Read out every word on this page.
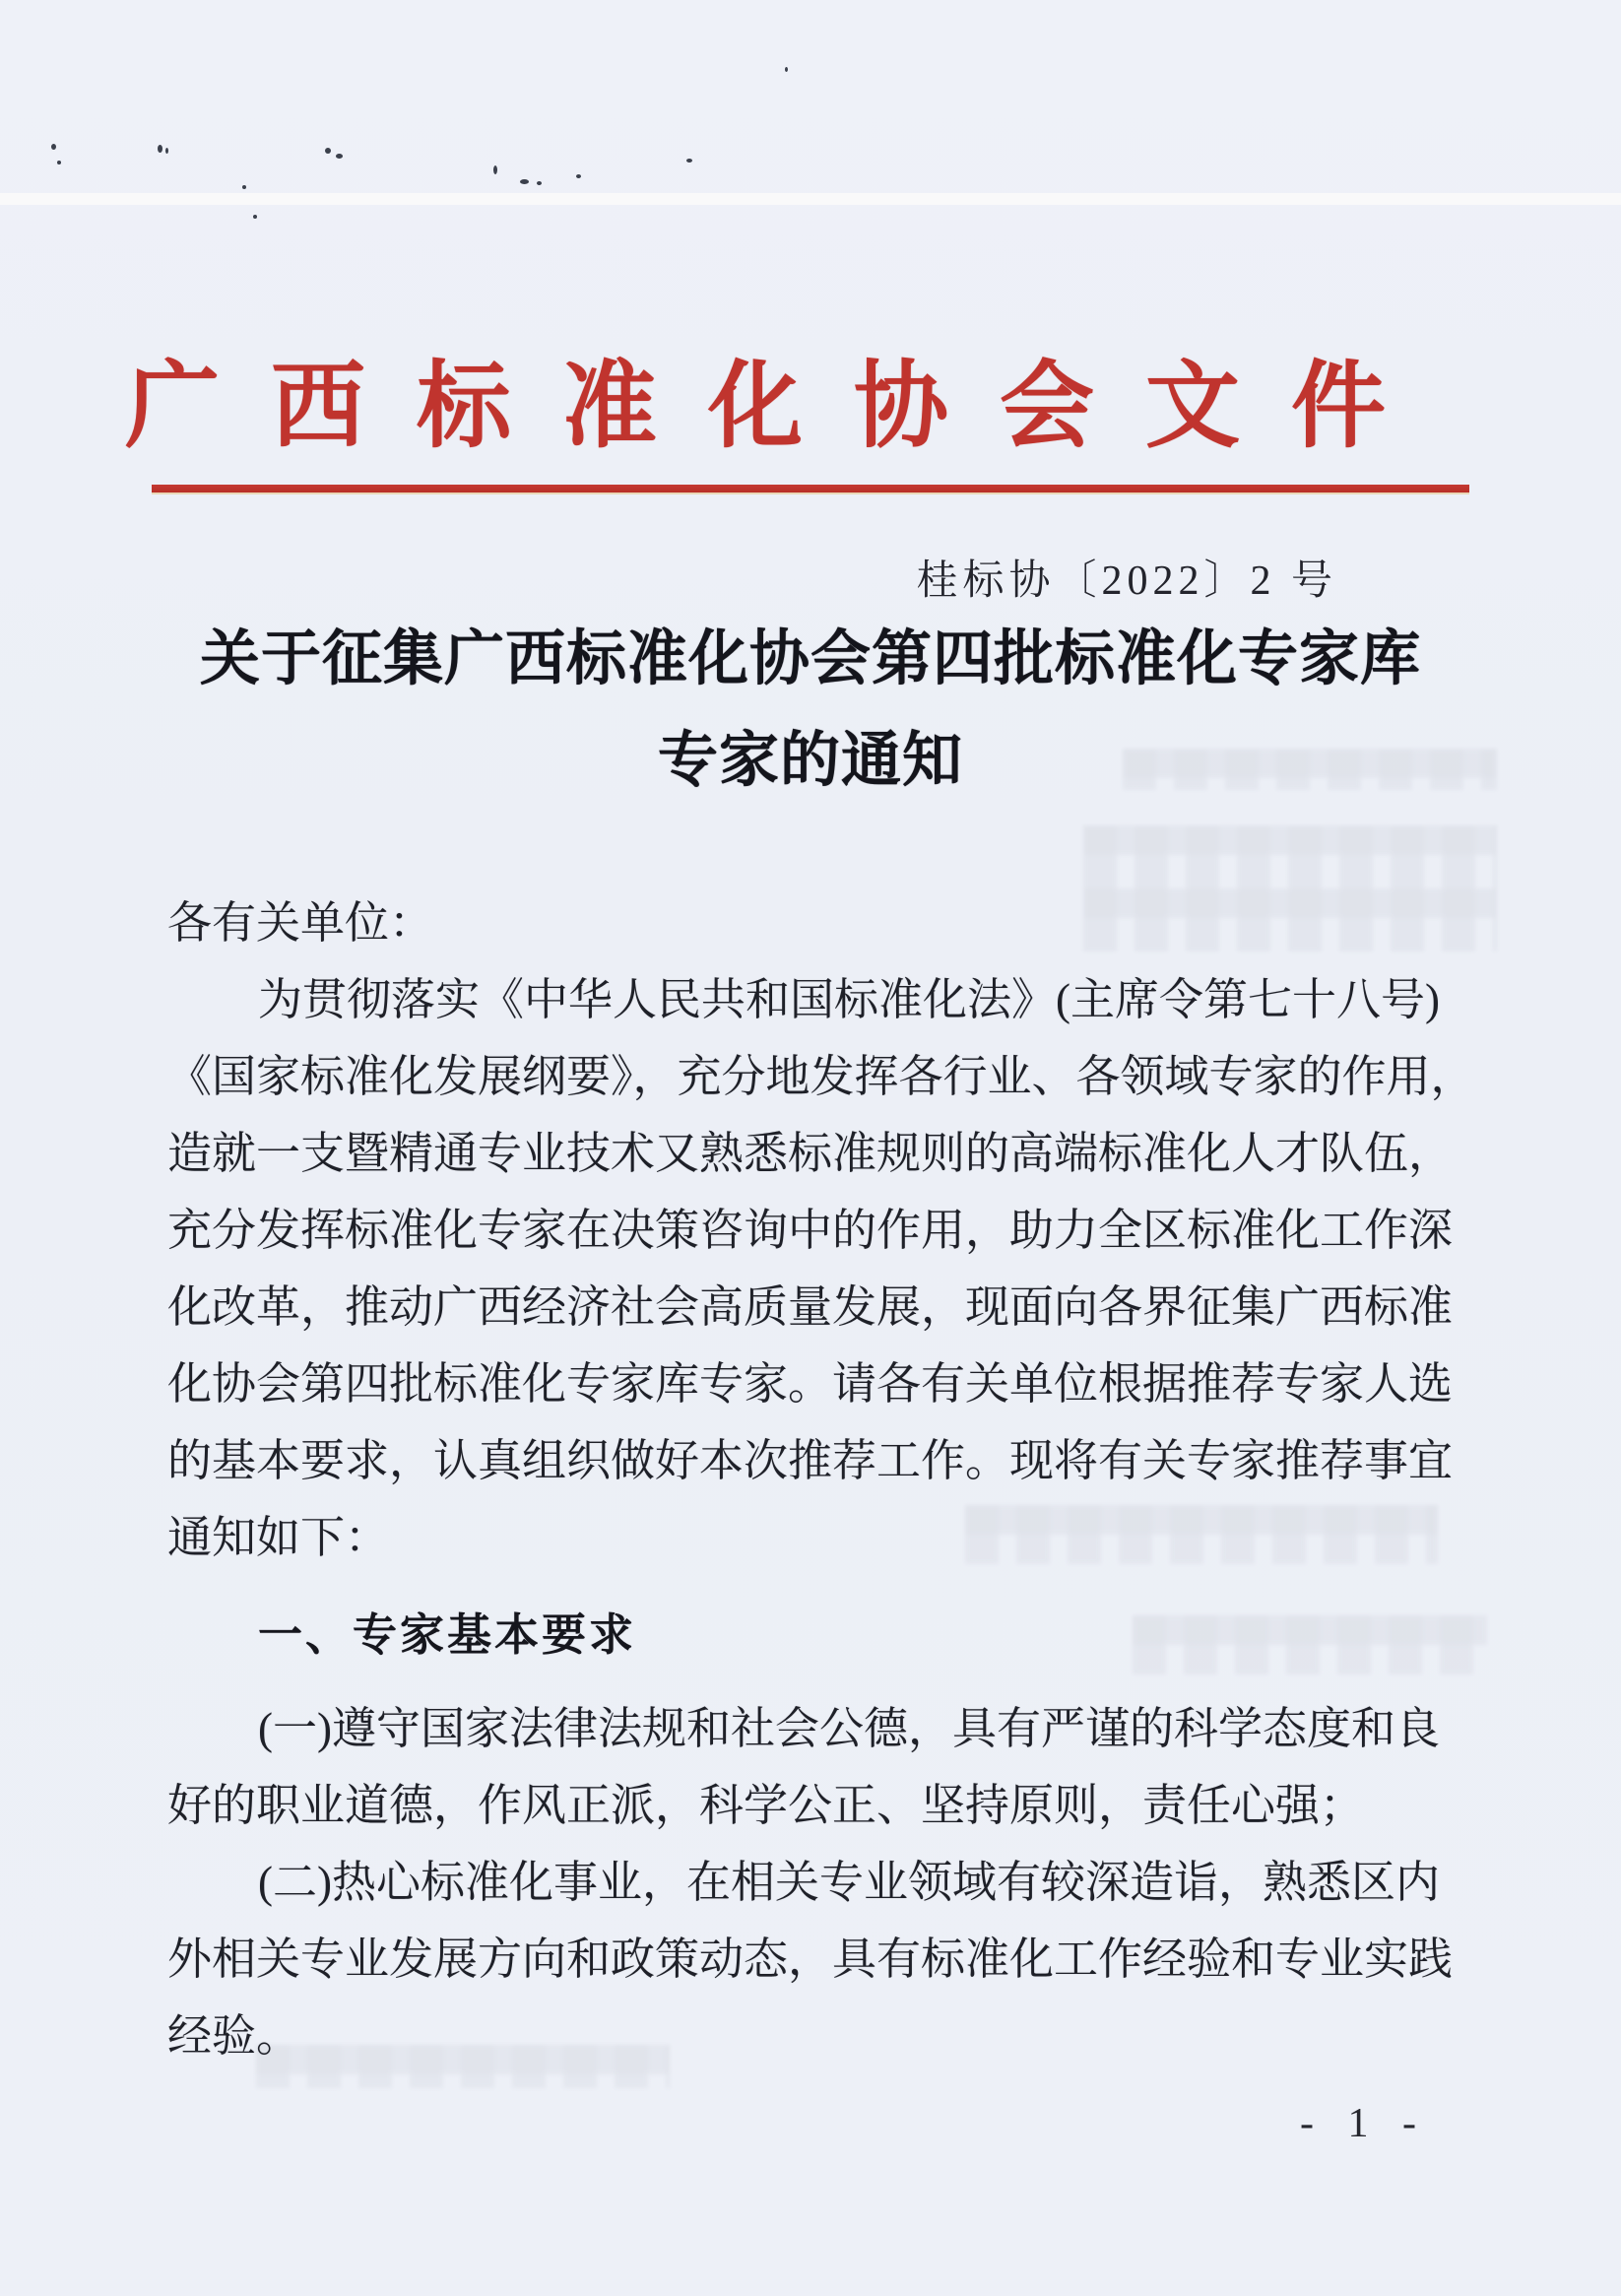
广西标准化协会文件
桂标协〔2022〕2 号
关于征集广西标准化协会第四批标准化专家库
专家的通知
各有关单位：
为贯彻落实《中华人民共和国标准化法》(主席令第七十八号)
《国家标准化发展纲要》，充分地发挥各行业、各领域专家的作用，
造就一支暨精通专业技术又熟悉标准规则的高端标准化人才队伍，
充分发挥标准化专家在决策咨询中的作用，助力全区标准化工作深
化改革，推动广西经济社会高质量发展，现面向各界征集广西标准
化协会第四批标准化专家库专家。请各有关单位根据推荐专家人选
的基本要求，认真组织做好本次推荐工作。现将有关专家推荐事宜
通知如下：
一、专家基本要求
(一)遵守国家法律法规和社会公德，具有严谨的科学态度和良
好的职业道德，作风正派，科学公正、坚持原则，责任心强；
(二)热心标准化事业，在相关专业领域有较深造诣，熟悉区内
外相关专业发展方向和政策动态，具有标准化工作经验和专业实践
经验。
- 1 -
